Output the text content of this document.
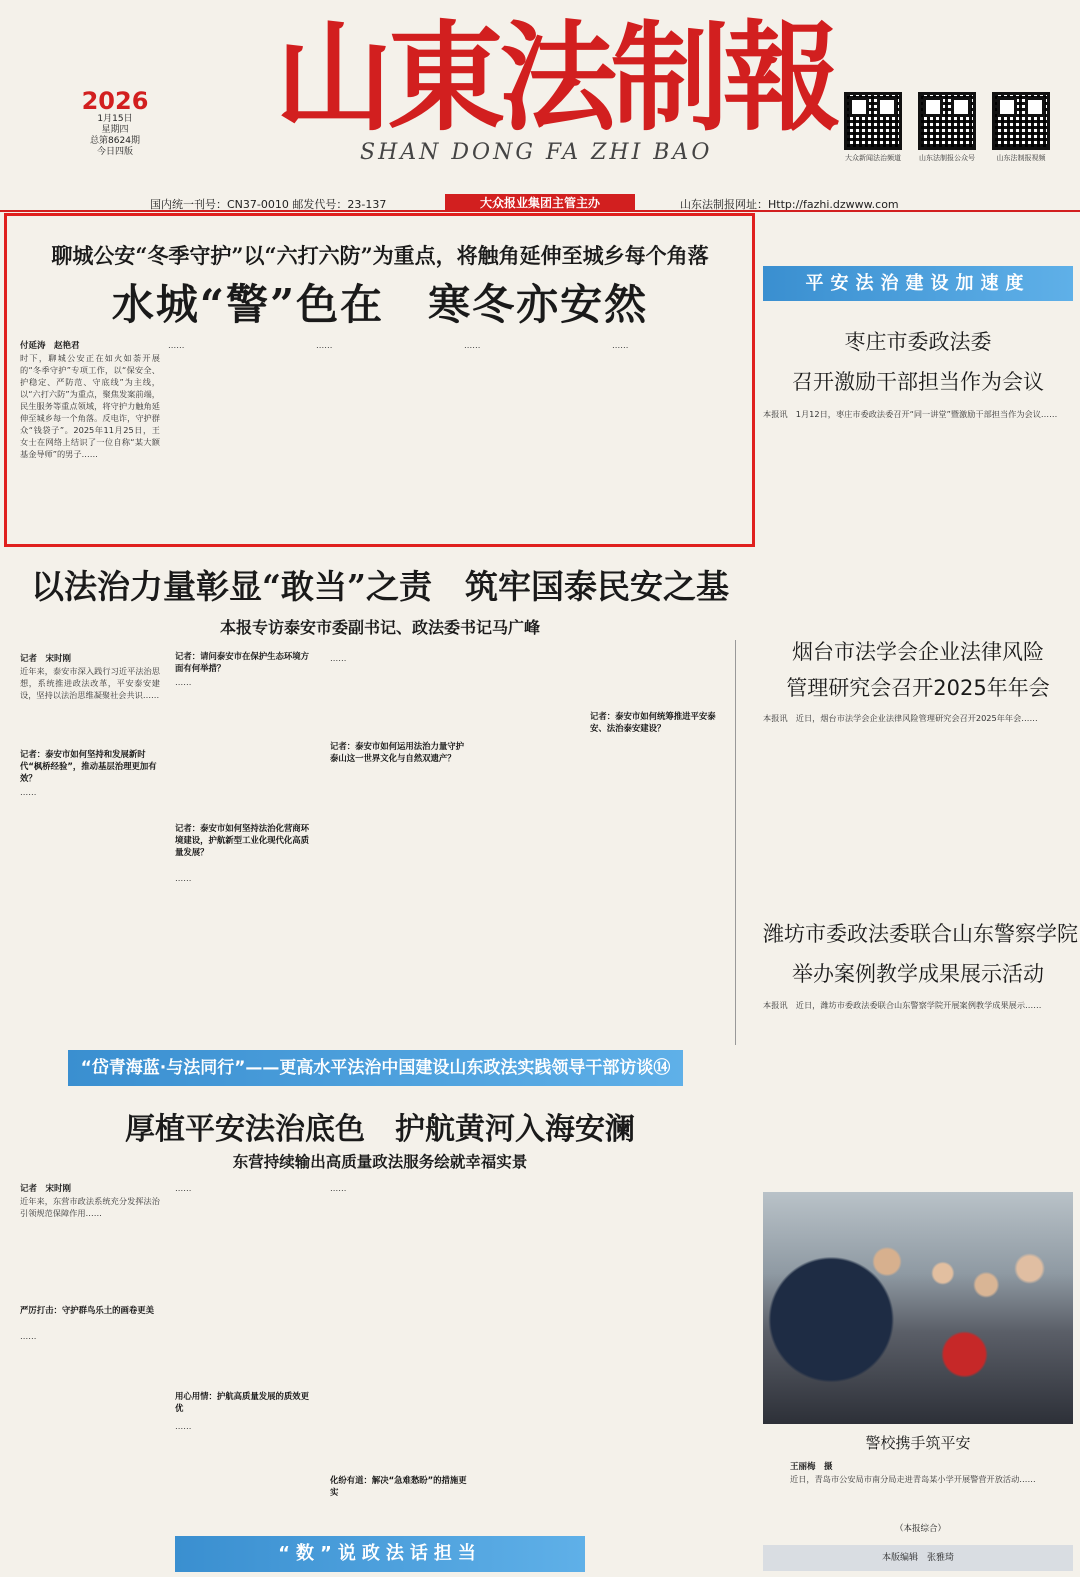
山東法制報
SHAN DONG FA ZHI BAO
2026
1月15日
星期四
总第8624期
今日四版
大众新闻法治频道	山东法制报公众号	山东法制报视频
国内统一刊号：CN37-0010 邮发代号：23-137	大众报业集团主管主办	山东法制报网址：Http://fazhi.dzwww.com
聊城公安“冬季守护”以“六打六防”为重点，将触角延伸至城乡每个角落
水城“警”色在　寒冬亦安然
付延涛　赵艳君
时下，聊城公安正在如火如荼开展的“冬季守护”专项工作，以“保安全、护稳定、严防范、守底线”为主线，以“六打六防”为重点，聚焦发案前端，民生服务等重点领域，将守护力触角延伸至城乡每一个角落。反电诈，守护群众“钱袋子”。2025年11月25日，王女士在网络上结识了一位自称“某大额基金导师”的男子……
……	……	……	……
以法治力量彰显“敢当”之责　筑牢国泰民安之基
本报专访泰安市委副书记、政法委书记马广峰
记者　宋时刚
近年来，泰安市深入践行习近平法治思想，系统推进政法改革，平安泰安建设，坚持以法治思维凝聚社会共识……
记者：泰安市如何坚持和发展新时代“枫桥经验”，推动基层治理更加有效？
……
记者：请问泰安市在保护生态环境方面有何举措？
……
记者：泰安市如何坚持法治化营商环境建设，护航新型工业化现代化高质量发展？
……
记者：泰安市如何运用法治力量守护泰山这一世界文化与自然双遗产？
……
记者：泰安市如何统筹推进平安泰安、法治泰安建设？
“岱青海蓝·与法同行”——更高水平法治中国建设山东政法实践领导干部访谈⑭
厚植平安法治底色　护航黄河入海安澜
东营持续输出高质量政法服务绘就幸福实景
记者　宋时刚
近年来，东营市政法系统充分发挥法治引领规范保障作用……
严厉打击：守护群鸟乐土的画卷更美
……
……
用心用情：护航高质量发展的质效更优
……
化纷有道：解决“急难愁盼”的措施更实
……
“数”说政法话担当
平安法治建设加速度
枣庄市委政法委
召开激励干部担当作为会议
本报讯　1月12日，枣庄市委政法委召开“同一讲堂”暨激励干部担当作为会议……
烟台市法学会企业法律风险
管理研究会召开2025年年会
本报讯　近日，烟台市法学会企业法律风险管理研究会召开2025年年会……
潍坊市委政法委联合山东警察学院
举办案例教学成果展示活动
本报讯　近日，潍坊市委政法委联合山东警察学院开展案例教学成果展示……
警校携手筑平安
王丽梅　摄
近日，青岛市公安局市南分局走进青岛某小学开展警营开放活动……
（本报综合）
本版编辑　张雅琦
